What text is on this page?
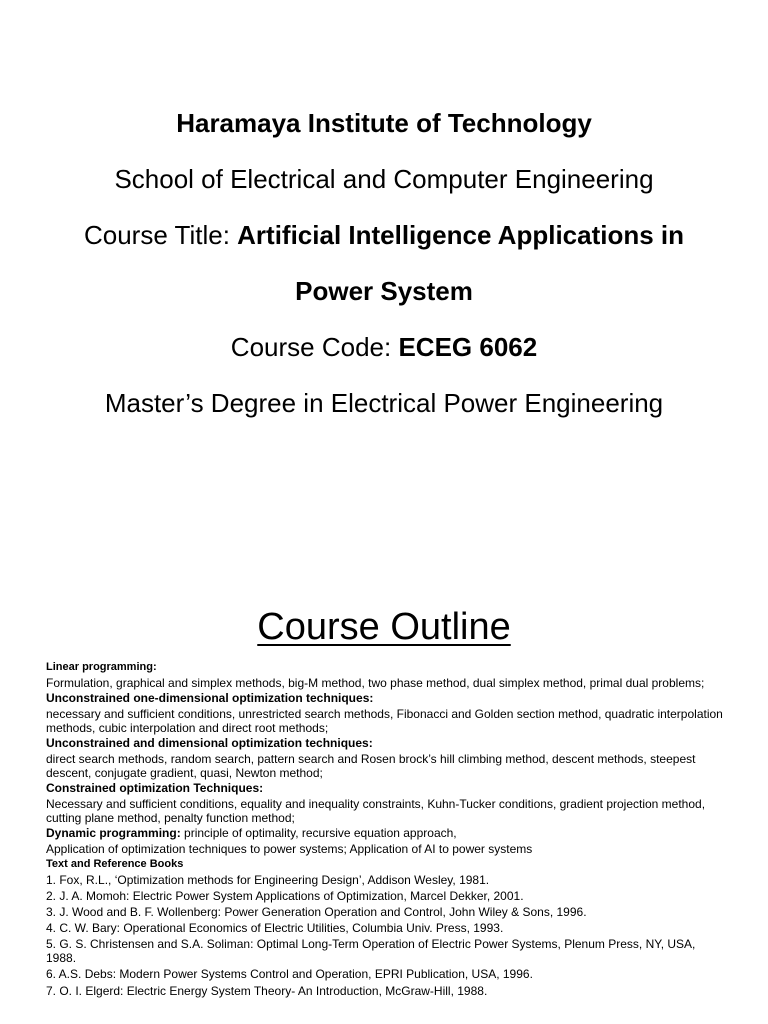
Haramaya Institute of Technology
School of Electrical and Computer Engineering
Course Title: Artificial Intelligence Applications in
Power System
Course Code: ECEG 6062
Master’s Degree in Electrical Power Engineering
Course Outline

Linear programming:

Formulation, graphical and simplex methods, big-M method, two phase method, dual simplex method, primal dual problems;

Unconstrained one-dimensional optimization techniques:

necessary and sufficient conditions, unrestricted search methods, Fibonacci and Golden section method, quadratic interpolation methods, cubic interpolation and direct root methods;

Unconstrained and dimensional optimization techniques:

direct search methods, random search, pattern search and Rosen brock’s hill climbing method, descent methods, steepest descent, conjugate gradient, quasi, Newton method;

Constrained optimization Techniques:

Necessary and sufficient conditions, equality and inequality constraints, Kuhn-Tucker conditions, gradient projection method, cutting plane method, penalty function method;

Dynamic programming: principle of optimality, recursive equation approach,

Application of optimization techniques to power systems; Application of AI to power systems

Text and Reference Books

1. Fox, R.L., ‘Optimization methods for Engineering Design’, Addison Wesley, 1981.

2. J. A. Momoh: Electric Power System Applications of Optimization, Marcel Dekker, 2001.

3. J. Wood and B. F. Wollenberg: Power Generation Operation and Control, John Wiley & Sons, 1996.

4. C. W. Bary: Operational Economics of Electric Utilities, Columbia Univ. Press, 1993.

5. G. S. Christensen and S.A. Soliman: Optimal Long-Term Operation of Electric Power Systems, Plenum Press, NY, USA, 1988.

6. A.S. Debs: Modern Power Systems Control and Operation, EPRI Publication, USA, 1996.

7. O. I. Elgerd: Electric Energy System Theory- An Introduction, McGraw-Hill, 1988.
